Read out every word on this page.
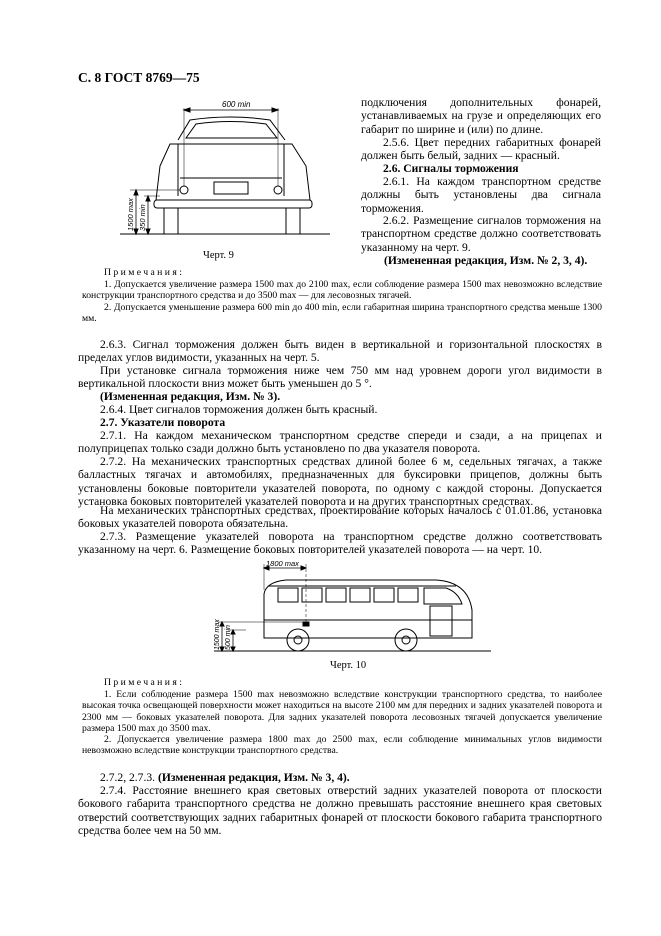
С. 8 ГОСТ 8769—75
600 min
1500 max 350 min
Черт. 9
подключения дополнительных фонарей, устанавливаемых на грузе и определяющих его габарит по ширине и (или) по длине.
2.5.6. Цвет передних габаритных фонарей должен быть белый, задних — красный.
2.6. Сигналы торможения
2.6.1. На каждом транспортном средстве должны быть установлены два сигнала торможения.
2.6.2. Размещение сигналов торможения на транспортном средстве должно соответствовать указанному на черт. 9.
(Измененная редакция, Изм. № 2, 3, 4).
Примечания:
1. Допускается увеличение размера 1500 max до 2100 max, если соблюдение размера 1500 max невозможно вследствие конструкции транспортного средства и до 3500 max — для лесовозных тягачей.
2. Допускается уменьшение размера 600 min до 400 min, если габаритная ширина транспортного средства меньше 1300 мм.
2.6.3. Сигнал торможения должен быть виден в вертикальной и горизонтальной плоскостях в пределах углов видимости, указанных на черт. 5.
При установке сигнала торможения ниже чем 750 мм над уровнем дороги угол видимости в вертикальной плоскости вниз может быть уменьшен до 5 °.
(Измененная редакция, Изм. № 3).
2.6.4. Цвет сигналов торможения должен быть красный.
2.7. Указатели поворота
2.7.1. На каждом механическом транспортном средстве спереди и сзади, а на прицепах и полуприцепах только сзади должно быть установлено по два указателя поворота.
2.7.2. На механических транспортных средствах длиной более 6 м, седельных тягачах, а также балластных тягачах и автомобилях, предназначенных для буксировки прицепов, должны быть установлены боковые повторители указателей поворота, по одному с каждой стороны. Допускается установка боковых повторителей указателей поворота и на других транспортных средствах.
На механических транспортных средствах, проектирование которых началось с 01.01.86, установка боковых указателей поворота обязательна.
2.7.3. Размещение указателей поворота на транспортном средстве должно соответствовать указанному на черт. 6. Размещение боковых повторителей указателей поворота — на черт. 10.
1800 max
1500 max 500 min
Черт. 10
Примечания:
1. Если соблюдение размера 1500 max невозможно вследствие конструкции транспортного средства, то наиболее высокая точка освещающей поверхности может находиться на высоте 2100 мм для передних и задних указателей поворота и 2300 мм — боковых указателей поворота. Для задних указателей поворота лесовозных тягачей допускается увеличение размера 1500 max до 3500 max.
2. Допускается увеличение размера 1800 max до 2500 max, если соблюдение минимальных углов видимости невозможно вследствие конструкции транспортного средства.
2.7.2, 2.7.3. (Измененная редакция, Изм. № 3, 4).
2.7.4. Расстояние внешнего края световых отверстий задних указателей поворота от плоскости бокового габарита транспортного средства не должно превышать расстояние внешнего края световых отверстий соответствующих задних габаритных фонарей от плоскости бокового габарита транспортного средства более чем на 50 мм.
